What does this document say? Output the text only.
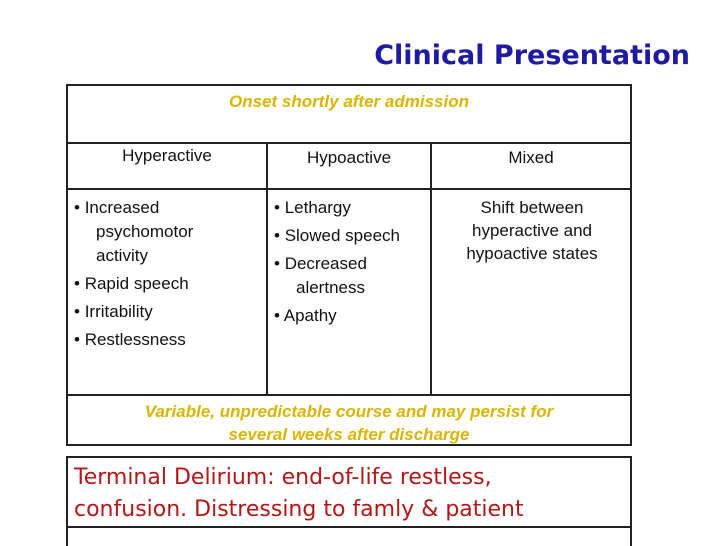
Clinical Presentation
Onset shortly after admission
Hyperactive
• Increased
psychomotor
activity
• Rapid speech
• Irritability
• Restlessness
Hypoactive
• Lethargy
• Slowed speech
• Decreased
alertness
• Apathy
Mixed
Shift between
hyperactive and
hypoactive states
Variable, unpredictable course and may persist for
several weeks after discharge
Terminal Delirium: end-of-life restless,
confusion. Distressing to famly & patient
